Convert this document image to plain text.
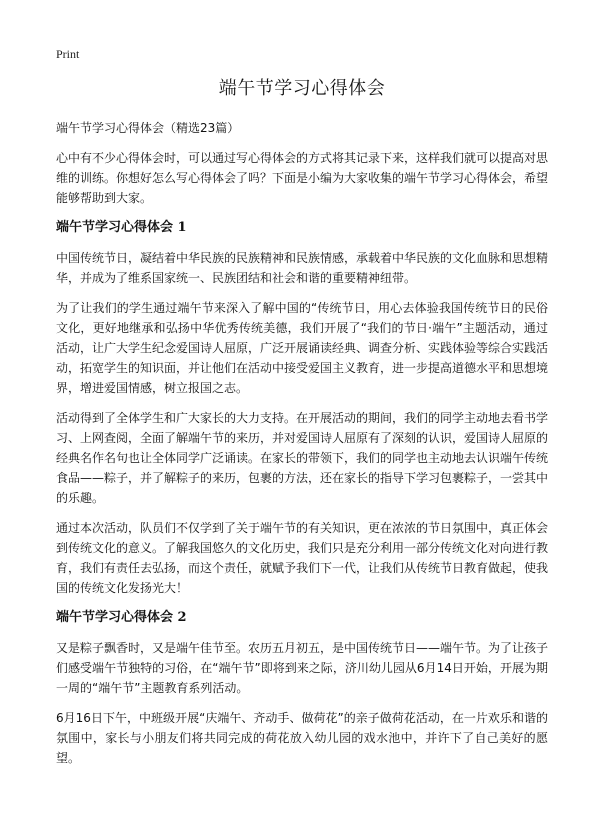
Print
端午节学习心得体会
端午节学习心得体会（精选23篇）

心中有不少心得体会时，可以通过写心得体会的方式将其记录下来，这样我们就可以提高对思维的训练。你想好怎么写心得体会了吗？下面是小编为大家收集的端午节学习心得体会，希望能够帮助到大家。

端午节学习心得体会 1

中国传统节日，凝结着中华民族的民族精神和民族情感，承载着中华民族的文化血脉和思想精华，并成为了维系国家统一、民族团结和社会和谐的重要精神纽带。

为了让我们的学生通过端午节来深入了解中国的“传统节日，用心去体验我国传统节日的民俗文化，更好地继承和弘扬中华优秀传统美德，我们开展了“我们的节日·端午”主题活动，通过活动，让广大学生纪念爱国诗人屈原，广泛开展诵读经典、调查分析、实践体验等综合实践活动，拓宽学生的知识面，并让他们在活动中接受爱国主义教育，进一步提高道德水平和思想境界，增进爱国情感，树立报国之志。

活动得到了全体学生和广大家长的大力支持。在开展活动的期间，我们的同学主动地去看书学习、上网查阅，全面了解端午节的来历，并对爱国诗人屈原有了深刻的认识，爱国诗人屈原的经典名作名句也让全体同学广泛诵读。在家长的带领下，我们的同学也主动地去认识端午传统食品——粽子，并了解粽子的来历，包裹的方法，还在家长的指导下学习包裹粽子，一尝其中的乐趣。

通过本次活动，队员们不仅学到了关于端午节的有关知识，更在浓浓的节日氛围中，真正体会到传统文化的意义。了解我国悠久的文化历史，我们只是充分利用一部分传统文化对向进行教育，我们有责任去弘扬，而这个责任，就赋予我们下一代，让我们从传统节日教育做起，使我国的传统文化发扬光大！

端午节学习心得体会 2

又是粽子飘香时，又是端午佳节至。农历五月初五，是中国传统节日——端午节。为了让孩子们感受端午节独特的习俗，在“端午节”即将到来之际，济川幼儿园从6月14日开始，开展为期一周的“端午节”主题教育系列活动。

6月16日下午，中班级开展“庆端午、齐动手、做荷花”的亲子做荷花活动，在一片欢乐和谐的氛围中，家长与小朋友们将共同完成的荷花放入幼儿园的戏水池中，并许下了自己美好的愿望。
